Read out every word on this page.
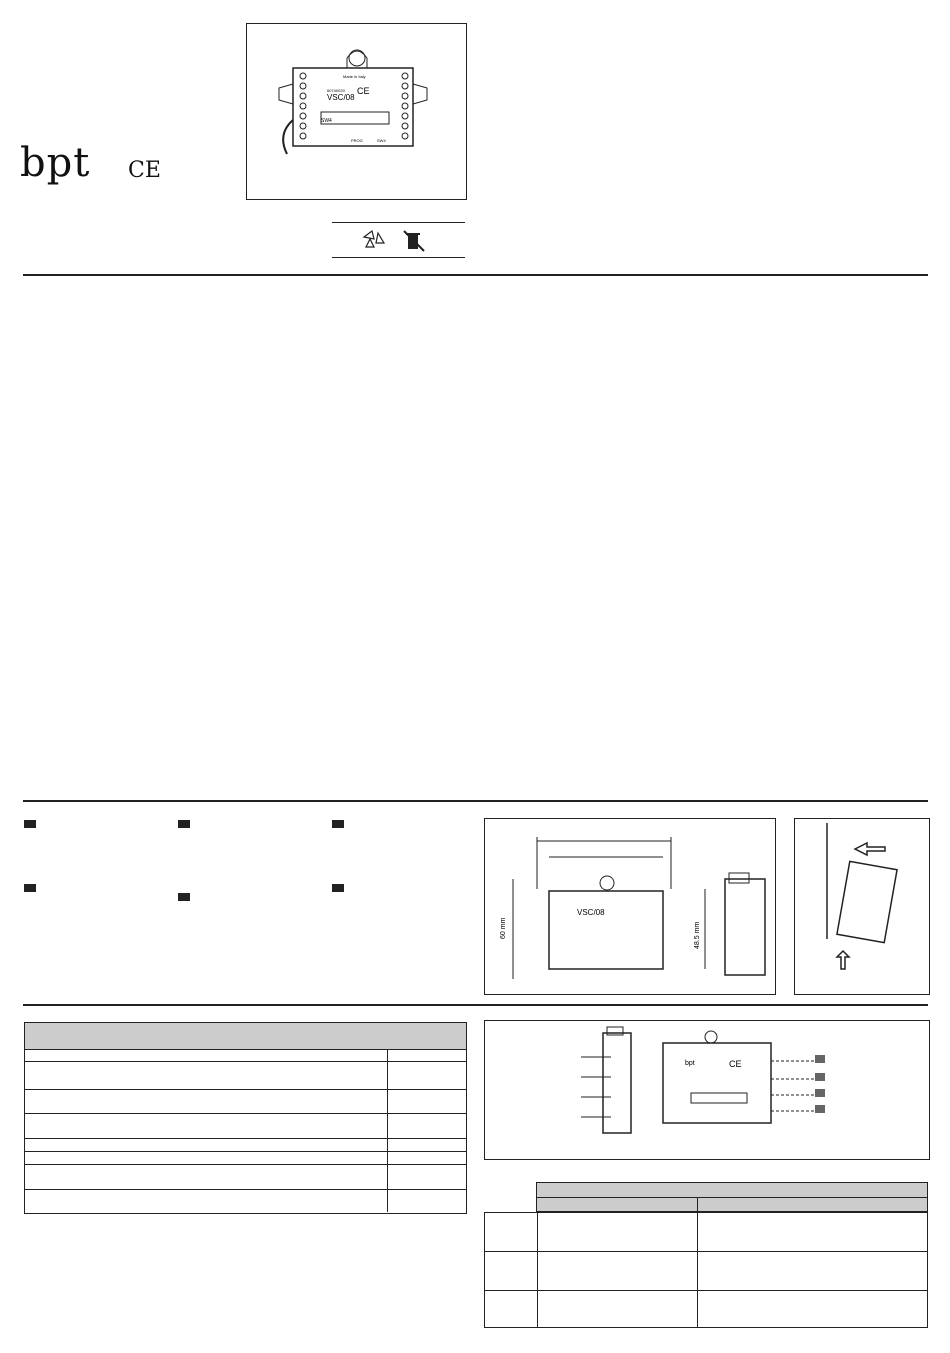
bpt CE
Made in Italy
60740020
VSC/08
CE
SW4
PROG	SW4
60 mm	48.5 mm
VSC/08
bpt	CE
